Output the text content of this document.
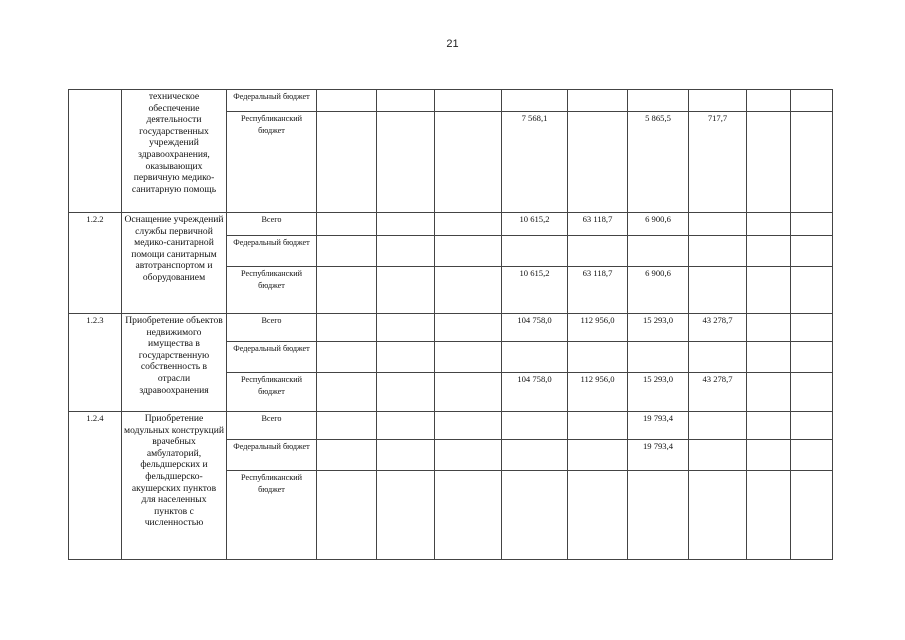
21
	техническое обеспечение деятельности государственных учреждений здравоохранения, оказывающих первичную медико-санитарную помощь	Федеральный бюджет									
		Республиканский бюджет				7 568,1		5 865,5	717,7		
1.2.2	Оснащение учреждений службы первичной медико-санитарной помощи санитарным автотранспортом и оборудованием	Всего				10 615,2	63 118,7	6 900,6			
		Федеральный бюджет									
		Республиканский бюджет				10 615,2	63 118,7	6 900,6			
1.2.3	Приобретение объектов недвижимого имущества в государственную собственность в отрасли здравоохранения	Всего				104 758,0	112 956,0	15 293,0	43 278,7		
		Федеральный бюджет									
		Республиканский бюджет				104 758,0	112 956,0	15 293,0	43 278,7		
1.2.4	Приобретение модульных конструкций врачебных амбулаторий, фельдшерских и фельдшерско-акушерских пунктов для населенных пунктов с численностью	Всего						19 793,4			
		Федеральный бюджет						19 793,4			
		Республиканский бюджет									
